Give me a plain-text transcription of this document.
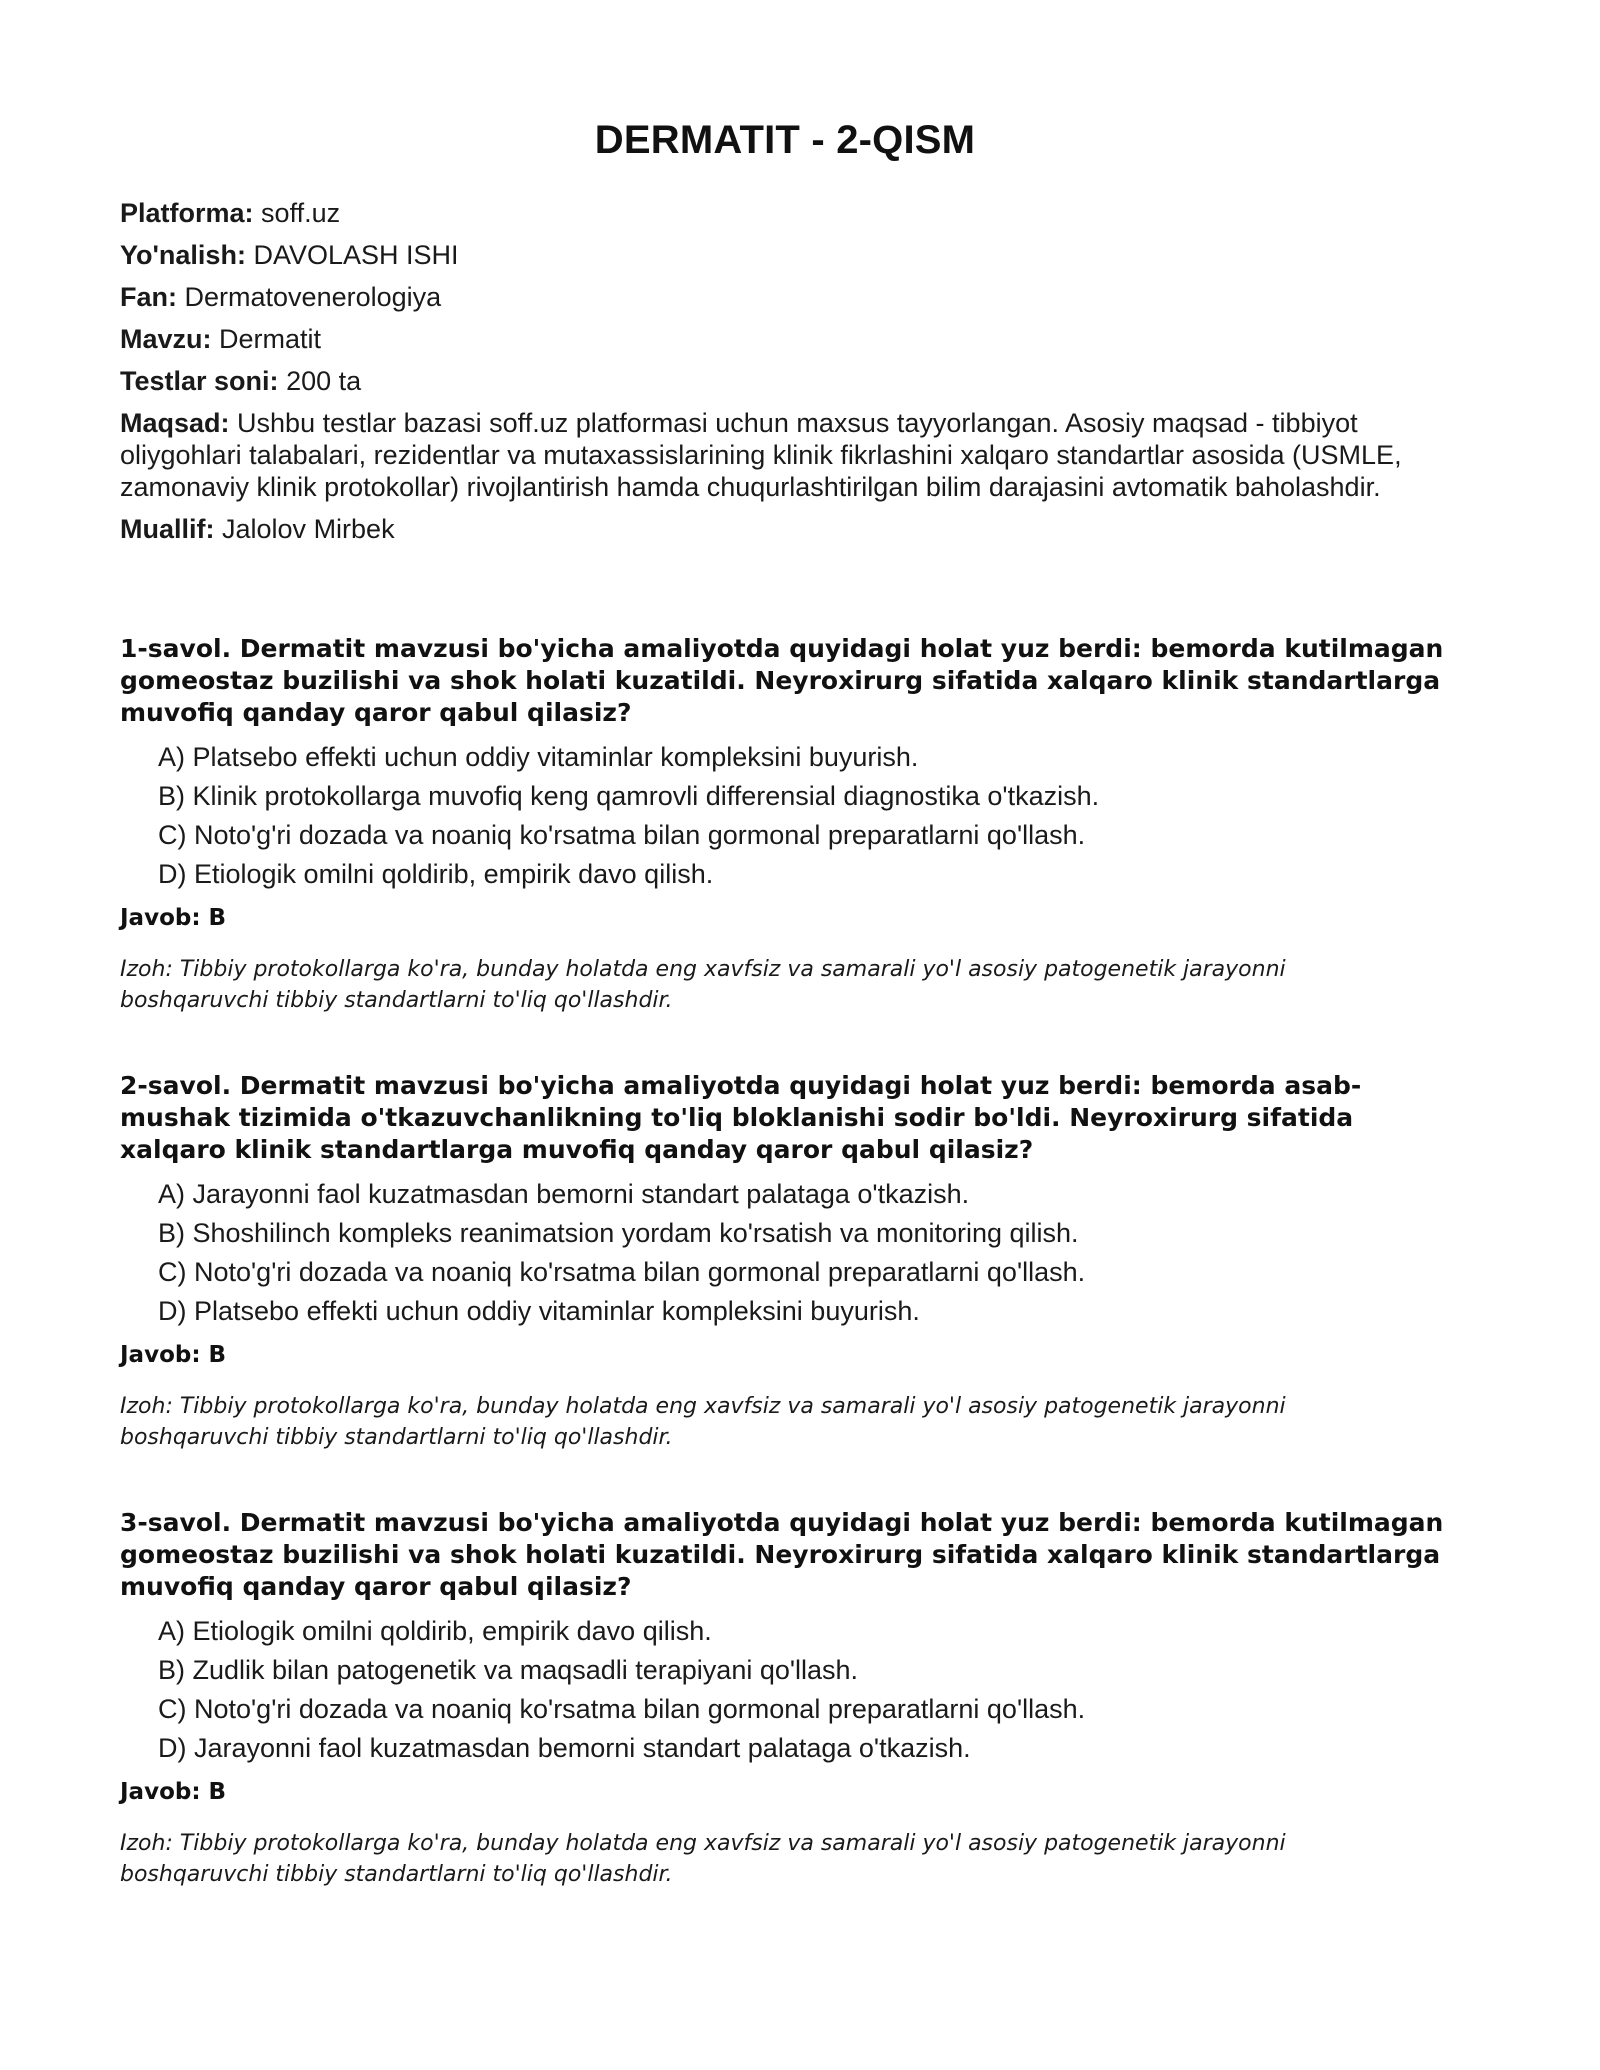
DERMATIT - 2-QISM

Platforma: soff.uz

Yo'nalish: DAVOLASH ISHI

Fan: Dermatovenerologiya

Mavzu: Dermatit

Testlar soni: 200 ta

Maqsad: Ushbu testlar bazasi soff.uz platformasi uchun maxsus tayyorlangan. Asosiy maqsad - tibbiyot oliygohlari talabalari, rezidentlar va mutaxassislarining klinik fikrlashini xalqaro standartlar asosida (USMLE, zamonaviy klinik protokollar) rivojlantirish hamda chuqurlashtirilgan bilim darajasini avtomatik baholashdir.

Muallif: Jalolov Mirbek

1-savol. Dermatit mavzusi bo'yicha amaliyotda quyidagi holat yuz berdi: bemorda kutilmagan gomeostaz buzilishi va shok holati kuzatildi. Neyroxirurg sifatida xalqaro klinik standartlarga muvofiq qanday qaror qabul qilasiz?

A) Platsebo effekti uchun oddiy vitaminlar kompleksini buyurish.
B) Klinik protokollarga muvofiq keng qamrovli differensial diagnostika o'tkazish.
C) Noto'g'ri dozada va noaniq ko'rsatma bilan gormonal preparatlarni qo'llash.
D) Etiologik omilni qoldirib, empirik davo qilish.

Javob: B

Izoh: Tibbiy protokollarga ko'ra, bunday holatda eng xavfsiz va samarali yo'l asosiy patogenetik jarayonni boshqaruvchi tibbiy standartlarni to'liq qo'llashdir.

2-savol. Dermatit mavzusi bo'yicha amaliyotda quyidagi holat yuz berdi: bemorda asab-mushak tizimida o'tkazuvchanlikning to'liq bloklanishi sodir bo'ldi. Neyroxirurg sifatida xalqaro klinik standartlarga muvofiq qanday qaror qabul qilasiz?

A) Jarayonni faol kuzatmasdan bemorni standart palataga o'tkazish.
B) Shoshilinch kompleks reanimatsion yordam ko'rsatish va monitoring qilish.
C) Noto'g'ri dozada va noaniq ko'rsatma bilan gormonal preparatlarni qo'llash.
D) Platsebo effekti uchun oddiy vitaminlar kompleksini buyurish.

Javob: B

Izoh: Tibbiy protokollarga ko'ra, bunday holatda eng xavfsiz va samarali yo'l asosiy patogenetik jarayonni boshqaruvchi tibbiy standartlarni to'liq qo'llashdir.

3-savol. Dermatit mavzusi bo'yicha amaliyotda quyidagi holat yuz berdi: bemorda kutilmagan gomeostaz buzilishi va shok holati kuzatildi. Neyroxirurg sifatida xalqaro klinik standartlarga muvofiq qanday qaror qabul qilasiz?

A) Etiologik omilni qoldirib, empirik davo qilish.
B) Zudlik bilan patogenetik va maqsadli terapiyani qo'llash.
C) Noto'g'ri dozada va noaniq ko'rsatma bilan gormonal preparatlarni qo'llash.
D) Jarayonni faol kuzatmasdan bemorni standart palataga o'tkazish.

Javob: B

Izoh: Tibbiy protokollarga ko'ra, bunday holatda eng xavfsiz va samarali yo'l asosiy patogenetik jarayonni boshqaruvchi tibbiy standartlarni to'liq qo'llashdir.
